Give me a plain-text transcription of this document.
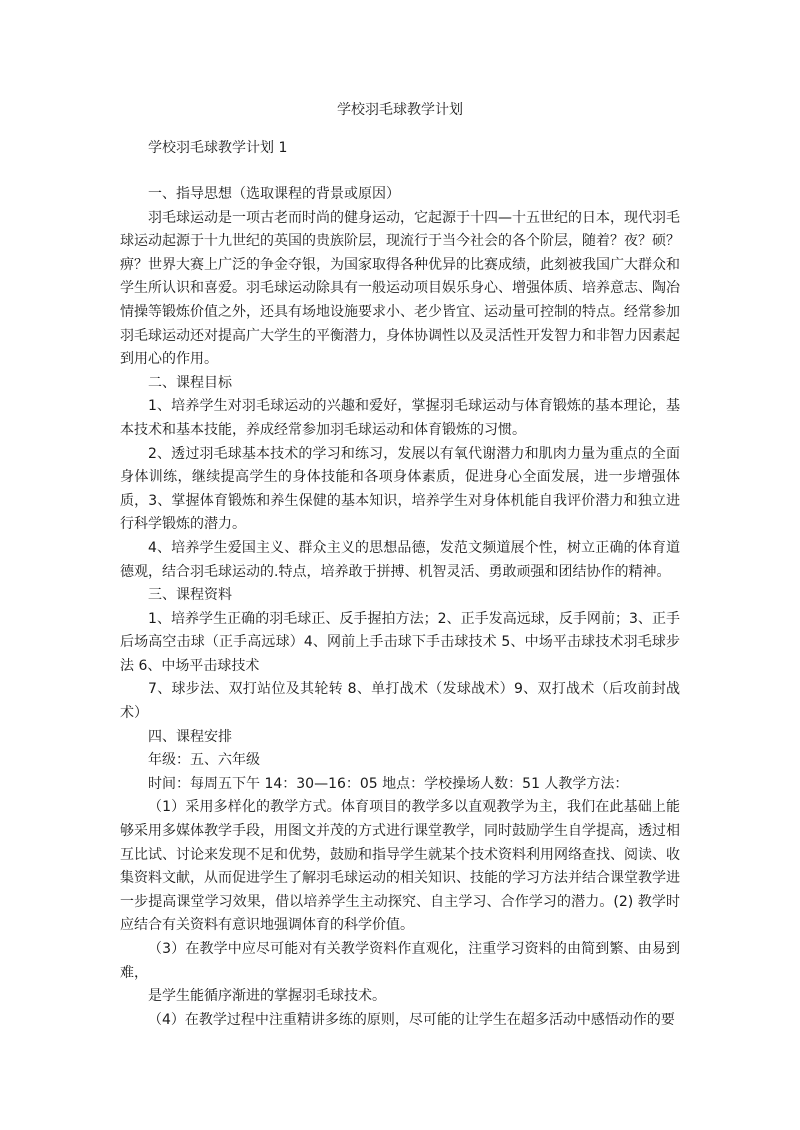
学校羽毛球教学计划
学校羽毛球教学计划 1

一、指导思想（选取课程的背景或原因）

羽毛球运动是一项古老而时尚的健身运动，它起源于十四—十五世纪的日本，现代羽毛球运动起源于十九世纪的英国的贵族阶层，现流行于当今社会的各个阶层，随着？夜？硕？痹？世界大赛上广泛的争金夺银，为国家取得各种优异的比赛成绩，此刻被我国广大群众和学生所认识和喜爱。羽毛球运动除具有一般运动项目娱乐身心、增强体质、培养意志、陶冶情操等锻炼价值之外，还具有场地设施要求小、老少皆宜、运动量可控制的特点。经常参加羽毛球运动还对提高广大学生的平衡潜力，身体协调性以及灵活性开发智力和非智力因素起到用心的作用。

二、课程目标

1、培养学生对羽毛球运动的兴趣和爱好，掌握羽毛球运动与体育锻炼的基本理论，基本技术和基本技能，养成经常参加羽毛球运动和体育锻炼的习惯。

2、透过羽毛球基本技术的学习和练习，发展以有氧代谢潜力和肌肉力量为重点的全面身体训练，继续提高学生的身体技能和各项身体素质，促进身心全面发展，进一步增强体质，3、掌握体育锻炼和养生保健的基本知识，培养学生对身体机能自我评价潜力和独立进行科学锻炼的潜力。

4、培养学生爱国主义、群众主义的思想品德，发范文频道展个性，树立正确的体育道德观，结合羽毛球运动的.特点，培养敢于拼搏、机智灵活、勇敢顽强和团结协作的精神。

三、课程资料

1、培养学生正确的羽毛球正、反手握拍方法；2、正手发高远球，反手网前；3、正手后场高空击球（正手高远球）4、网前上手击球下手击球技术 5、中场平击球技术羽毛球步法 6、中场平击球技术

7、球步法、双打站位及其轮转 8、单打战术（发球战术）9、双打战术（后攻前封战术）

四、课程安排

年级：五、六年级

时间：每周五下午 14：30—16：05 地点：学校操场人数：51 人教学方法：

（1）采用多样化的教学方式。体育项目的教学多以直观教学为主，我们在此基础上能够采用多媒体教学手段，用图文并茂的方式进行课堂教学，同时鼓励学生自学提高，透过相互比试、讨论来发现不足和优势，鼓励和指导学生就某个技术资料利用网络查找、阅读、收集资料文献，从而促进学生了解羽毛球运动的相关知识、技能的学习方法并结合课堂教学进一步提高课堂学习效果，借以培养学生主动探究、自主学习、合作学习的潜力。(2) 教学时应结合有关资料有意识地强调体育的科学价值。

（3）在教学中应尽可能对有关教学资料作直观化，注重学习资料的由简到繁、由易到难，

是学生能循序渐进的掌握羽毛球技术。

（4）在教学过程中注重精讲多练的原则，尽可能的让学生在超多活动中感悟动作的要
